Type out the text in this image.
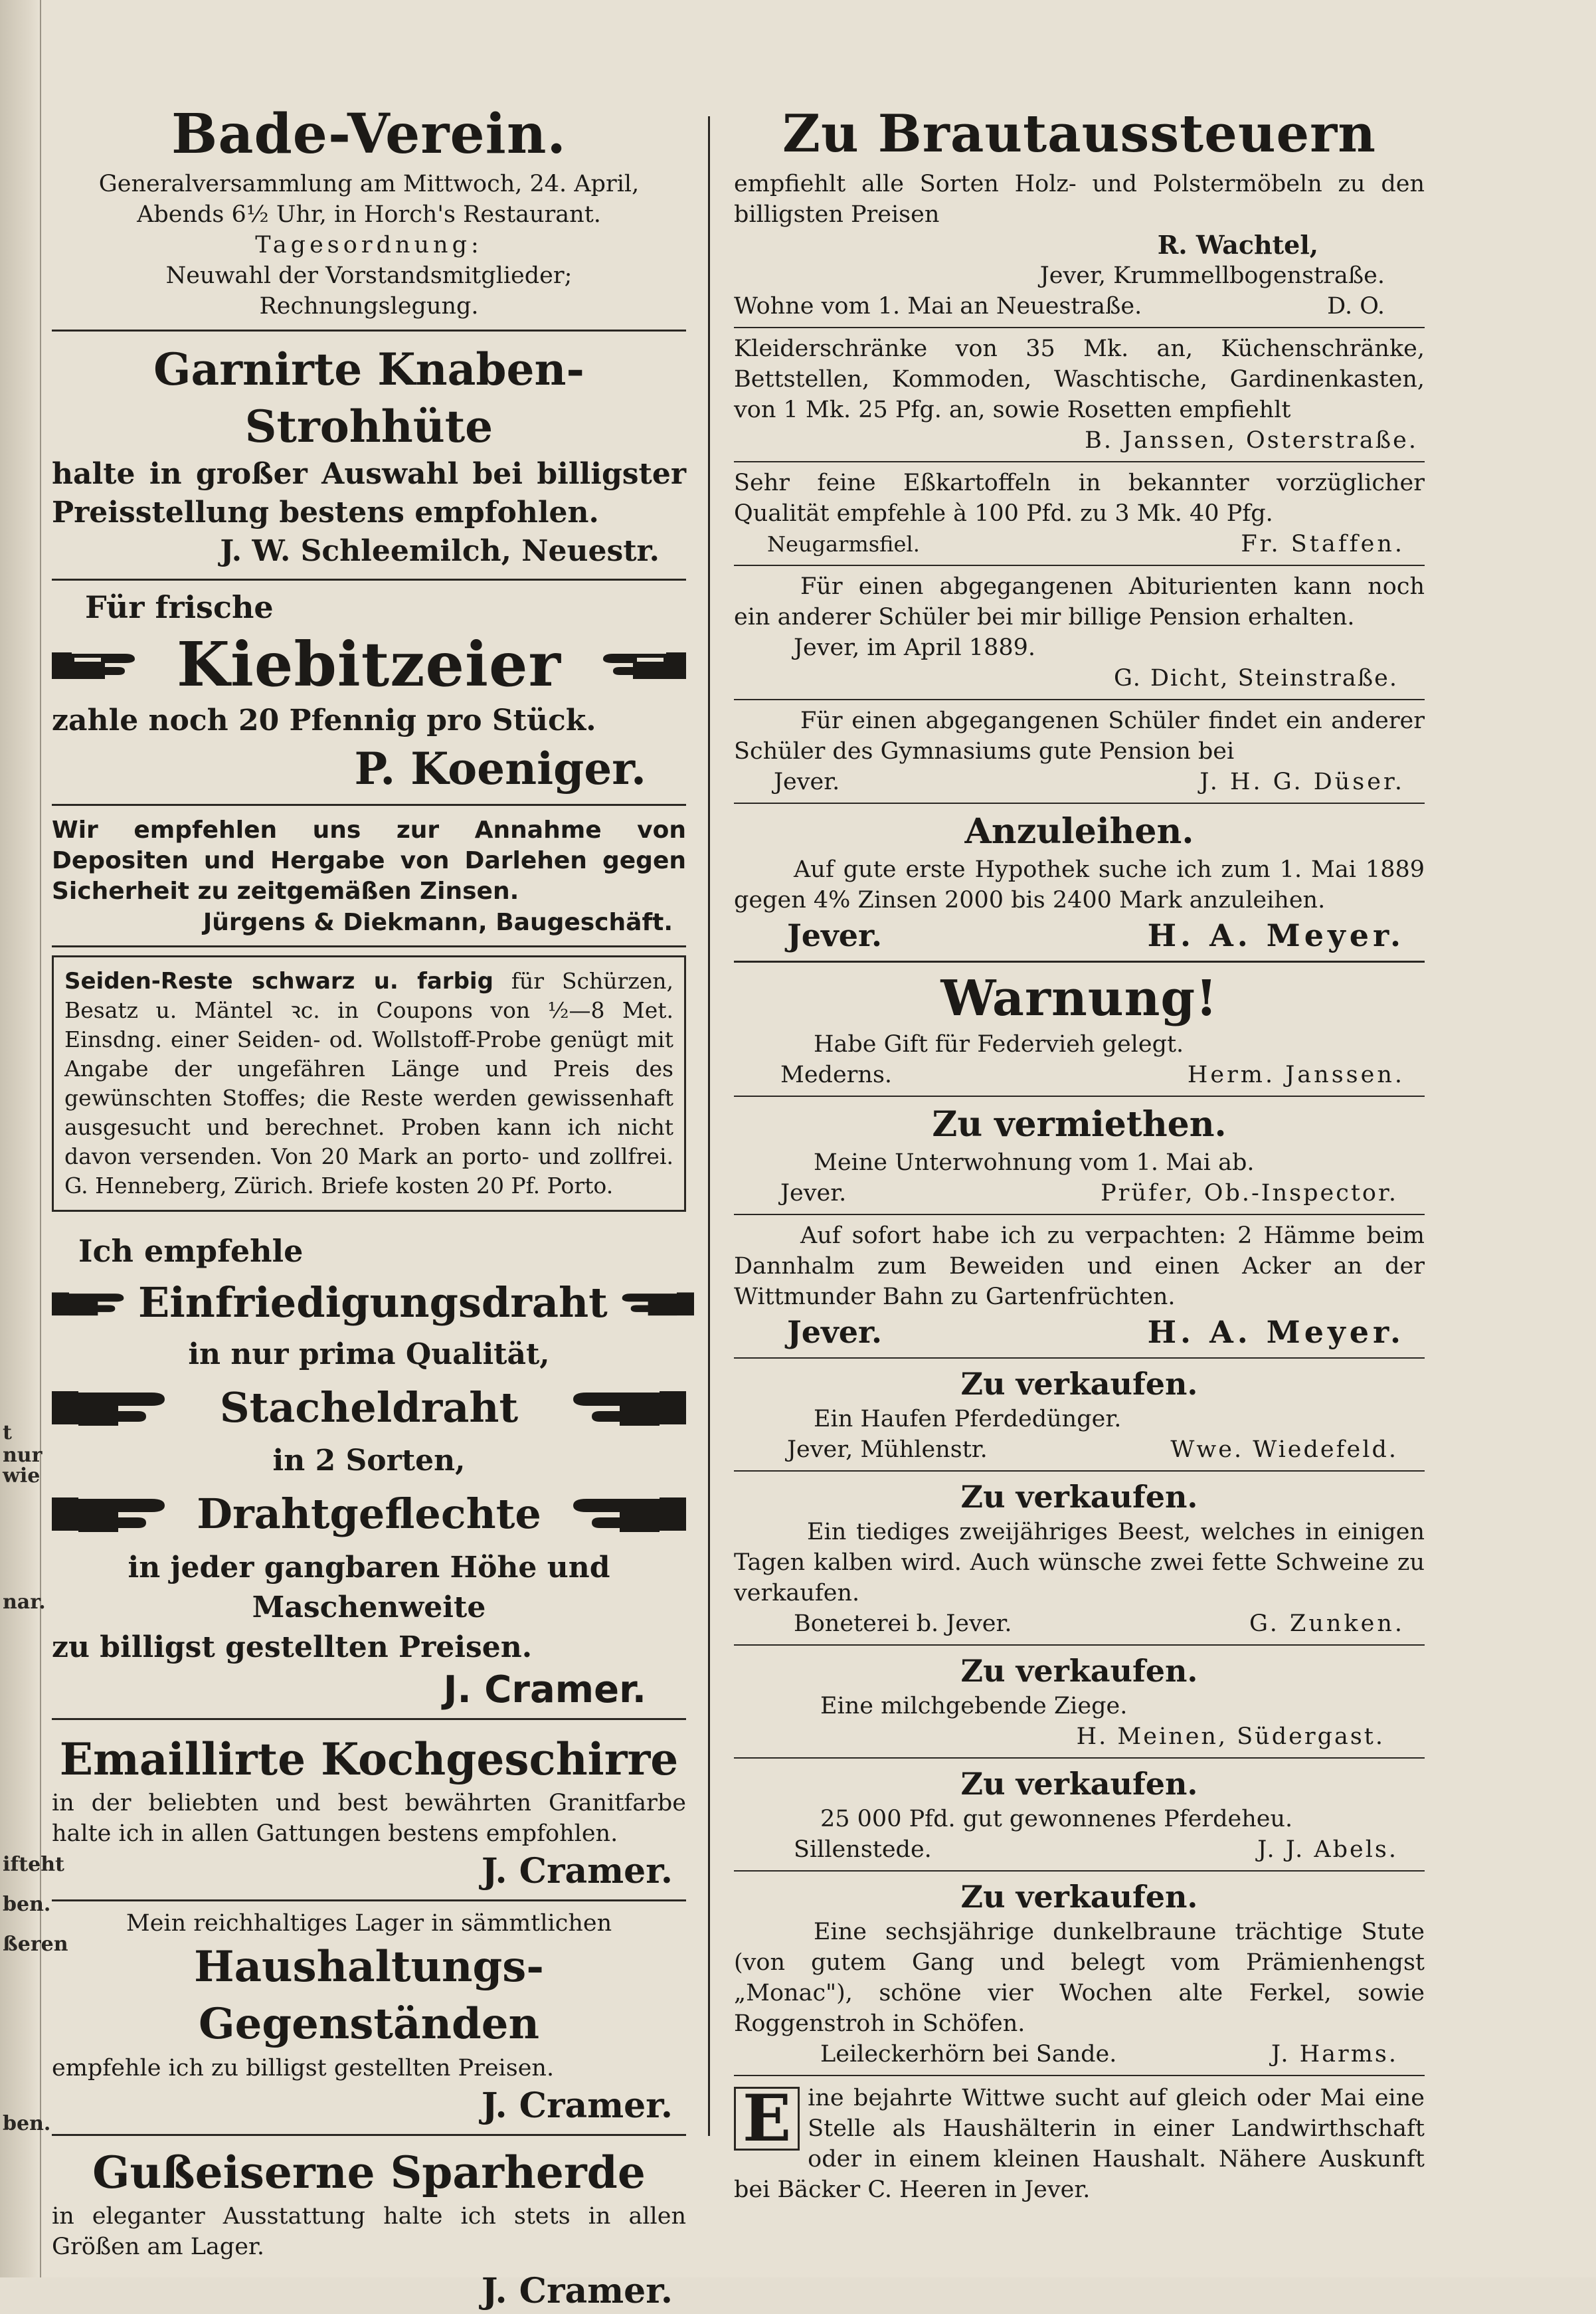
t nur
wie
nar.
ifteht
ben.
ßeren
ben.

Bade-Verein.

Generalversammlung am Mittwoch, 24. April,

Abends 6½ Uhr, in Horch's Restaurant.

Tagesordnung:

Neuwahl der Vorstandsmitglieder;

Rechnungslegung.

Garnirte Knaben-Strohhüte

halte in großer Auswahl bei billigster Preisstellung bestens empfohlen.

J. W. Schleemilch, Neuestr.

Für frische

Kiebitzeier

zahle noch 20 Pfennig pro Stück.

P. Koeniger.

Wir empfehlen uns zur Annahme von Depositen und Hergabe von Darlehen gegen Sicherheit zu zeitgemäßen Zinsen.

Jürgens & Diekmann, Baugeschäft.

Seiden-Reste schwarz u. farbig für Schürzen, Besatz u. Mäntel ꝛc. in Coupons von ½—8 Met. Einsdng. einer Seiden- od. Wollstoff-Probe genügt mit Angabe der ungefähren Länge und Preis des gewünschten Stoffes; die Reste werden gewissenhaft ausgesucht und berechnet. Proben kann ich nicht davon versenden. Von 20 Mark an porto- und zollfrei. G. Henneberg, Zürich. Briefe kosten 20 Pf. Porto.

Ich empfehle

Einfriedigungsdraht

in nur prima Qualität,

Stacheldraht

in 2 Sorten,

Drahtgeflechte

in jeder gangbaren Höhe und Maschenweite

zu billigst gestellten Preisen.

J. Cramer.

Emaillirte Kochgeschirre

in der beliebten und best bewährten Granitfarbe halte ich in allen Gattungen bestens empfohlen.

J. Cramer.

Mein reichhaltiges Lager in sämmtlichen

Haushaltungs-Gegenständen

empfehle ich zu billigst gestellten Preisen.

J. Cramer.

Gußeiserne Sparherde

in eleganter Ausstattung halte ich stets in allen Größen am Lager.

J. Cramer.

Zu Brautaussteuern

empfiehlt alle Sorten Holz- und Polstermöbeln zu den billigsten Preisen

R. Wachtel,

Jever, Krummellbogenstraße.

Wohne vom 1. Mai an Neuestraße.	D. O.

Kleiderschränke von 35 Mk. an, Küchenschränke, Bettstellen, Kommoden, Waschtische, Gardinenkasten, von 1 Mk. 25 Pfg. an, sowie Rosetten empfiehlt

B. Janssen, Osterstraße.

Sehr feine Eßkartoffeln in bekannter vorzüglicher Qualität empfehle à 100 Pfd. zu 3 Mk. 40 Pfg.

Neugarmsfiel.	Fr. Staffen.

Für einen abgegangenen Abiturienten kann noch ein anderer Schüler bei mir billige Pension erhalten.

Jever, im April 1889.

G. Dicht, Steinstraße.

Für einen abgegangenen Schüler findet ein anderer Schüler des Gymnasiums gute Pension bei

Jever.	J. H. G. Düser.

Anzuleihen.

Auf gute erste Hypothek suche ich zum 1. Mai 1889 gegen 4% Zinsen 2000 bis 2400 Mark anzuleihen.

Jever.	H. A. Meyer.

Warnung!

Habe Gift für Federvieh gelegt.

Mederns.	Herm. Janssen.

Zu vermiethen.

Meine Unterwohnung vom 1. Mai ab.

Jever.	Prüfer, Ob.-Inspector.

Auf sofort habe ich zu verpachten: 2 Hämme beim Dannhalm zum Beweiden und einen Acker an der Wittmunder Bahn zu Gartenfrüchten.

Jever.	H. A. Meyer.

Zu verkaufen.

Ein Haufen Pferdedünger.

Jever, Mühlenstr.	Wwe. Wiedefeld.

Zu verkaufen.

Ein tiediges zweijähriges Beest, welches in einigen Tagen kalben wird. Auch wünsche zwei fette Schweine zu verkaufen.

Boneterei b. Jever.	G. Zunken.

Zu verkaufen.

Eine milchgebende Ziege.

H. Meinen, Südergast.

Zu verkaufen.

25 000 Pfd. gut gewonnenes Pferdeheu.

Sillenstede.	J. J. Abels.

Zu verkaufen.

Eine sechsjährige dunkelbraune trächtige Stute (von gutem Gang und belegt vom Prämienhengst „Monac"), schöne vier Wochen alte Ferkel, sowie Roggenstroh in Schöfen.

Leileckerhörn bei Sande.	J. Harms.

E ine bejahrte Wittwe sucht auf gleich oder Mai eine Stelle als Haushälterin in einer Landwirthschaft oder in einem kleinen Haushalt. Nähere Auskunft bei Bäcker C. Heeren in Jever.
